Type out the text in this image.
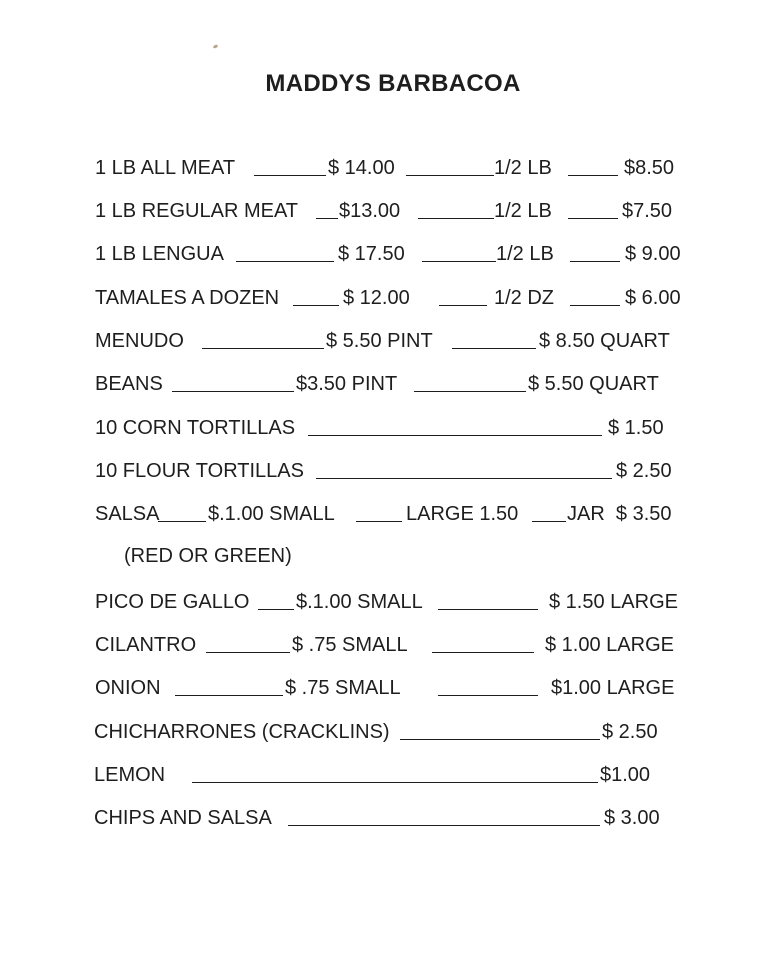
MADDYS BARBACOA
1 LB ALL MEAT	$ 14.00	1/2 LB	$8.50
1 LB REGULAR MEAT $13.00	1/2 LB	$7.50
1 LB LENGUA	$ 17.50	1/2 LB	$ 9.00
TAMALES A DOZEN	$ 12.00	1/2 DZ	$ 6.00
MENUDO	$ 5.50 PINT	$ 8.50 QUART
BEANS	$3.50 PINT	$ 5.50 QUART
10 CORN TORTILLAS	$ 1.50
10 FLOUR TORTILLAS	$ 2.50
SALSA $.1.00 SMALL	LARGE 1.50 JAR  $ 3.50
(RED OR GREEN)
PICO DE GALLO $.1.00 SMALL	$ 1.50 LARGE
CILANTRO	$ .75 SMALL	$ 1.00 LARGE
ONION	$ .75 SMALL	$1.00 LARGE
CHICHARRONES (CRACKLINS)	$ 2.50
LEMON	$1.00
CHIPS AND SALSA	$ 3.00
